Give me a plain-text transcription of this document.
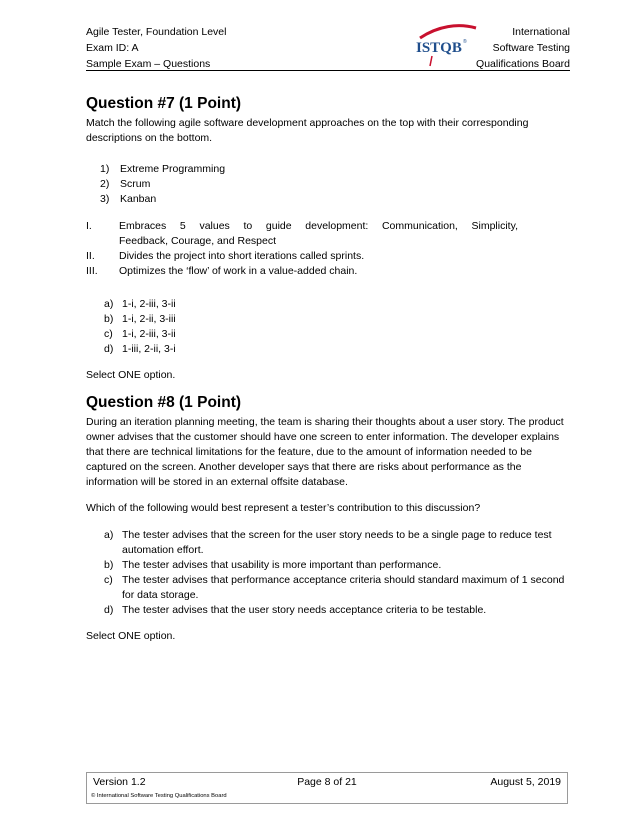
Agile Tester, Foundation Level
Exam ID: A
Sample Exam – Questions
ISTQB ®
International
Software Testing
Qualifications Board
Question #7 (1 Point)

Match the following agile software development approaches on the top with their corresponding descriptions on the bottom.

1) Extreme Programming
2) Scrum
3) Kanban
I.	Embraces 5 values to guide development: Communication, Simplicity,
Feedback, Courage, and Respect
II.	Divides the project into short iterations called sprints.
III.	Optimizes the ‘flow’ of work in a value-added chain.
a) 1-i, 2-iii, 3-ii
b) 1-i, 2-ii, 3-iii
c) 1-i, 2-iii, 3-ii
d) 1-iii, 2-ii, 3-i

Select ONE option.

Question #8 (1 Point)

During an iteration planning meeting, the team is sharing their thoughts about a user story. The product owner advises that the customer should have one screen to enter information. The developer explains that there are technical limitations for the feature, due to the amount of information needed to be captured on the screen. Another developer says that there are risks about performance as the information will be stored in an external offsite database.

Which of the following would best represent a tester’s contribution to this discussion?

a) The tester advises that the screen for the user story needs to be a single page to reduce test automation effort.
b) The tester advises that usability is more important than performance.
c) The tester advises that performance acceptance criteria should standard maximum of 1 second for data storage.
d) The tester advises that the user story needs acceptance criteria to be testable.

Select ONE option.

Version 1.2	Page 8 of 21	August 5, 2019
© International Software Testing Qualifications Board
